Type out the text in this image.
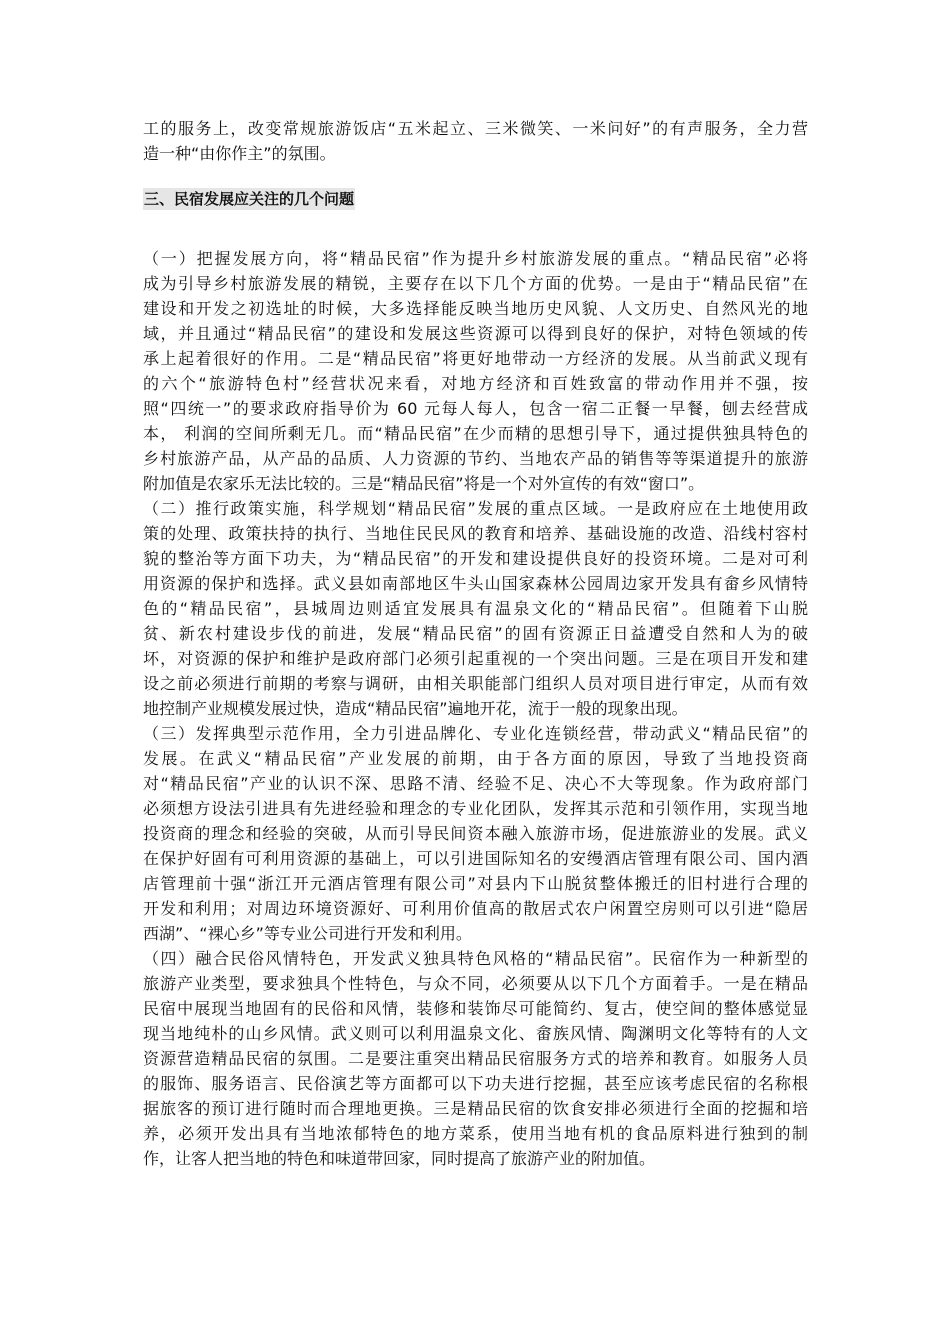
工的服务上，改变常规旅游饭店“五米起立、三米微笑、一米问好”的有声服务，全力营
造一种“由你作主”的氛围。
三、民宿发展应关注的几个问题
（一）把握发展方向，将“精品民宿”作为提升乡村旅游发展的重点。“精品民宿”必将
成为引导乡村旅游发展的精锐，主要存在以下几个方面的优势。一是由于“精品民宿”在
建设和开发之初选址的时候，大多选择能反映当地历史风貌、人文历史、自然风光的地
域，并且通过“精品民宿”的建设和发展这些资源可以得到良好的保护，对特色领域的传
承上起着很好的作用。二是“精品民宿”将更好地带动一方经济的发展。从当前武义现有
的六个“旅游特色村”经营状况来看，对地方经济和百姓致富的带动作用并不强，按
照“四统一”的要求政府指导价为 60 元每人每人，包含一宿二正餐一早餐，刨去经营成
本， 利润的空间所剩无几。而“精品民宿”在少而精的思想引导下，通过提供独具特色的
乡村旅游产品，从产品的品质、人力资源的节约、当地农产品的销售等等渠道提升的旅游
附加值是农家乐无法比较的。三是“精品民宿”将是一个对外宣传的有效“窗口”。
（二）推行政策实施，科学规划“精品民宿”发展的重点区域。一是政府应在土地使用政
策的处理、政策扶持的执行、当地住民民风的教育和培养、基础设施的改造、沿线村容村
貌的整治等方面下功夫，为“精品民宿”的开发和建设提供良好的投资环境。二是对可利
用资源的保护和选择。武义县如南部地区牛头山国家森林公园周边家开发具有畲乡风情特
色的“精品民宿”，县城周边则适宜发展具有温泉文化的“精品民宿”。但随着下山脱
贫、新农村建设步伐的前进，发展“精品民宿”的固有资源正日益遭受自然和人为的破
坏，对资源的保护和维护是政府部门必须引起重视的一个突出问题。三是在项目开发和建
设之前必须进行前期的考察与调研，由相关职能部门组织人员对项目进行审定，从而有效
地控制产业规模发展过快，造成“精品民宿”遍地开花，流于一般的现象出现。
（三）发挥典型示范作用，全力引进品牌化、专业化连锁经营，带动武义“精品民宿”的
发展。在武义“精品民宿”产业发展的前期，由于各方面的原因，导致了当地投资商
对“精品民宿”产业的认识不深、思路不清、经验不足、决心不大等现象。作为政府部门
必须想方设法引进具有先进经验和理念的专业化团队，发挥其示范和引领作用，实现当地
投资商的理念和经验的突破，从而引导民间资本融入旅游市场，促进旅游业的发展。武义
在保护好固有可利用资源的基础上，可以引进国际知名的安缦酒店管理有限公司、国内酒
店管理前十强“浙江开元酒店管理有限公司”对县内下山脱贫整体搬迁的旧村进行合理的
开发和利用；对周边环境资源好、可利用价值高的散居式农户闲置空房则可以引进“隐居
西湖”、“裸心乡”等专业公司进行开发和利用。
（四）融合民俗风情特色，开发武义独具特色风格的“精品民宿”。民宿作为一种新型的
旅游产业类型，要求独具个性特色，与众不同，必须要从以下几个方面着手。一是在精品
民宿中展现当地固有的民俗和风情，装修和装饰尽可能简约、复古，使空间的整体感觉显
现当地纯朴的山乡风情。武义则可以利用温泉文化、畲族风情、陶渊明文化等特有的人文
资源营造精品民宿的氛围。二是要注重突出精品民宿服务方式的培养和教育。如服务人员
的服饰、服务语言、民俗演艺等方面都可以下功夫进行挖掘，甚至应该考虑民宿的名称根
据旅客的预订进行随时而合理地更换。三是精品民宿的饮食安排必须进行全面的挖掘和培
养，必须开发出具有当地浓郁特色的地方菜系，使用当地有机的食品原料进行独到的制
作，让客人把当地的特色和味道带回家，同时提高了旅游产业的附加值。
